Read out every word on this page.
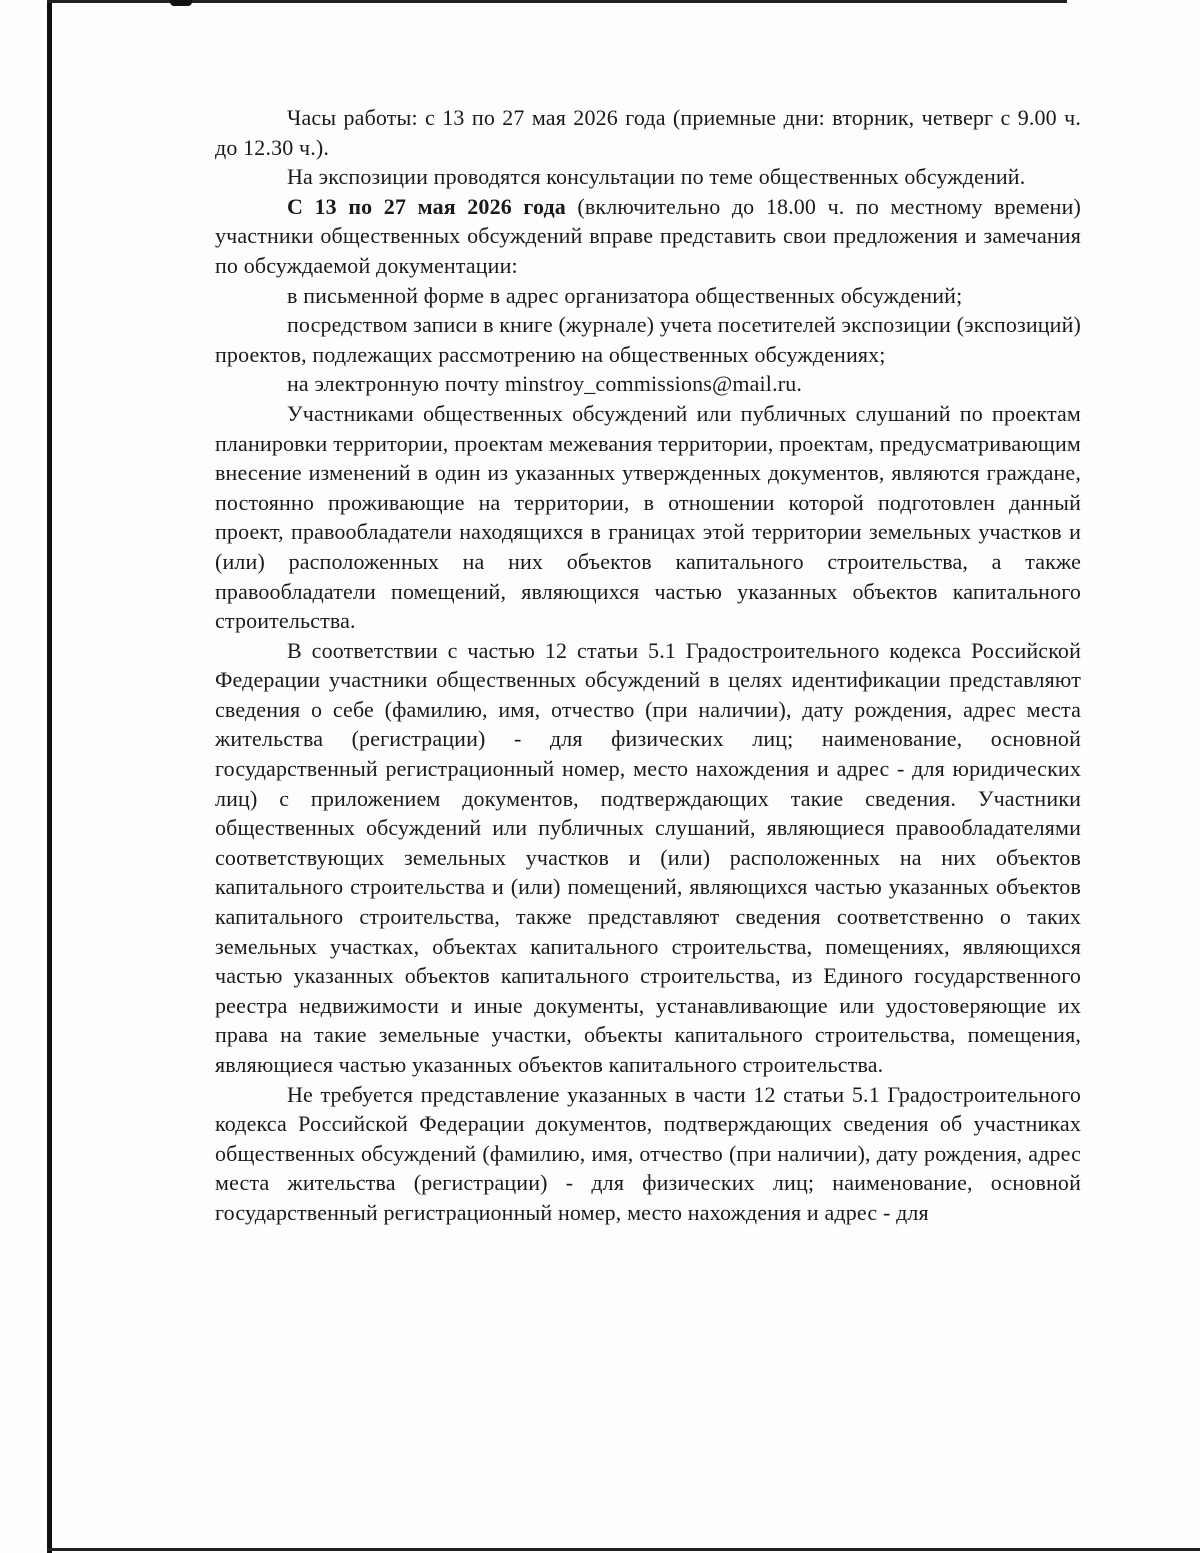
Часы работы: с 13 по 27 мая 2026 года (приемные дни: вторник, четверг с 9.00 ч. до 12.30 ч.).

На экспозиции проводятся консультации по теме общественных обсуждений.

С 13 по 27 мая 2026 года (включительно до 18.00 ч. по местному времени) участники общественных обсуждений вправе представить свои предложения и замечания по обсуждаемой документации:

в письменной форме в адрес организатора общественных обсуждений;

посредством записи в книге (журнале) учета посетителей экспозиции (экспозиций) проектов, подлежащих рассмотрению на общественных обсуждениях;

на электронную почту minstroy_commissions@mail.ru.

Участниками общественных обсуждений или публичных слушаний по проектам планировки территории, проектам межевания территории, проектам, предусматривающим внесение изменений в один из указанных утвержденных документов, являются граждане, постоянно проживающие на территории, в отношении которой подготовлен данный проект, правообладатели находящихся в границах этой территории земельных участков и (или) расположенных на них объектов капитального строительства, а также правообладатели помещений, являющихся частью указанных объектов капитального строительства.

В соответствии с частью 12 статьи 5.1 Градостроительного кодекса Российской Федерации участники общественных обсуждений в целях идентификации представляют сведения о себе (фамилию, имя, отчество (при наличии), дату рождения, адрес места жительства (регистрации) - для физических лиц; наименование, основной государственный регистрационный номер, место нахождения и адрес - для юридических лиц) с приложением документов, подтверждающих такие сведения. Участники общественных обсуждений или публичных слушаний, являющиеся правообладателями соответствующих земельных участков и (или) расположенных на них объектов капитального строительства и (или) помещений, являющихся частью указанных объектов капитального строительства, также представляют сведения соответственно о таких земельных участках, объектах капитального строительства, помещениях, являющихся частью указанных объектов капитального строительства, из Единого государственного реестра недвижимости и иные документы, устанавливающие или удостоверяющие их права на такие земельные участки, объекты капитального строительства, помещения, являющиеся частью указанных объектов капитального строительства.

Не требуется представление указанных в части 12 статьи 5.1 Градостроительного кодекса Российской Федерации документов, подтверждающих сведения об участниках общественных обсуждений (фамилию, имя, отчество (при наличии), дату рождения, адрес места жительства (регистрации) - для физических лиц; наименование, основной государственный регистрационный номер, место нахождения и адрес - для
